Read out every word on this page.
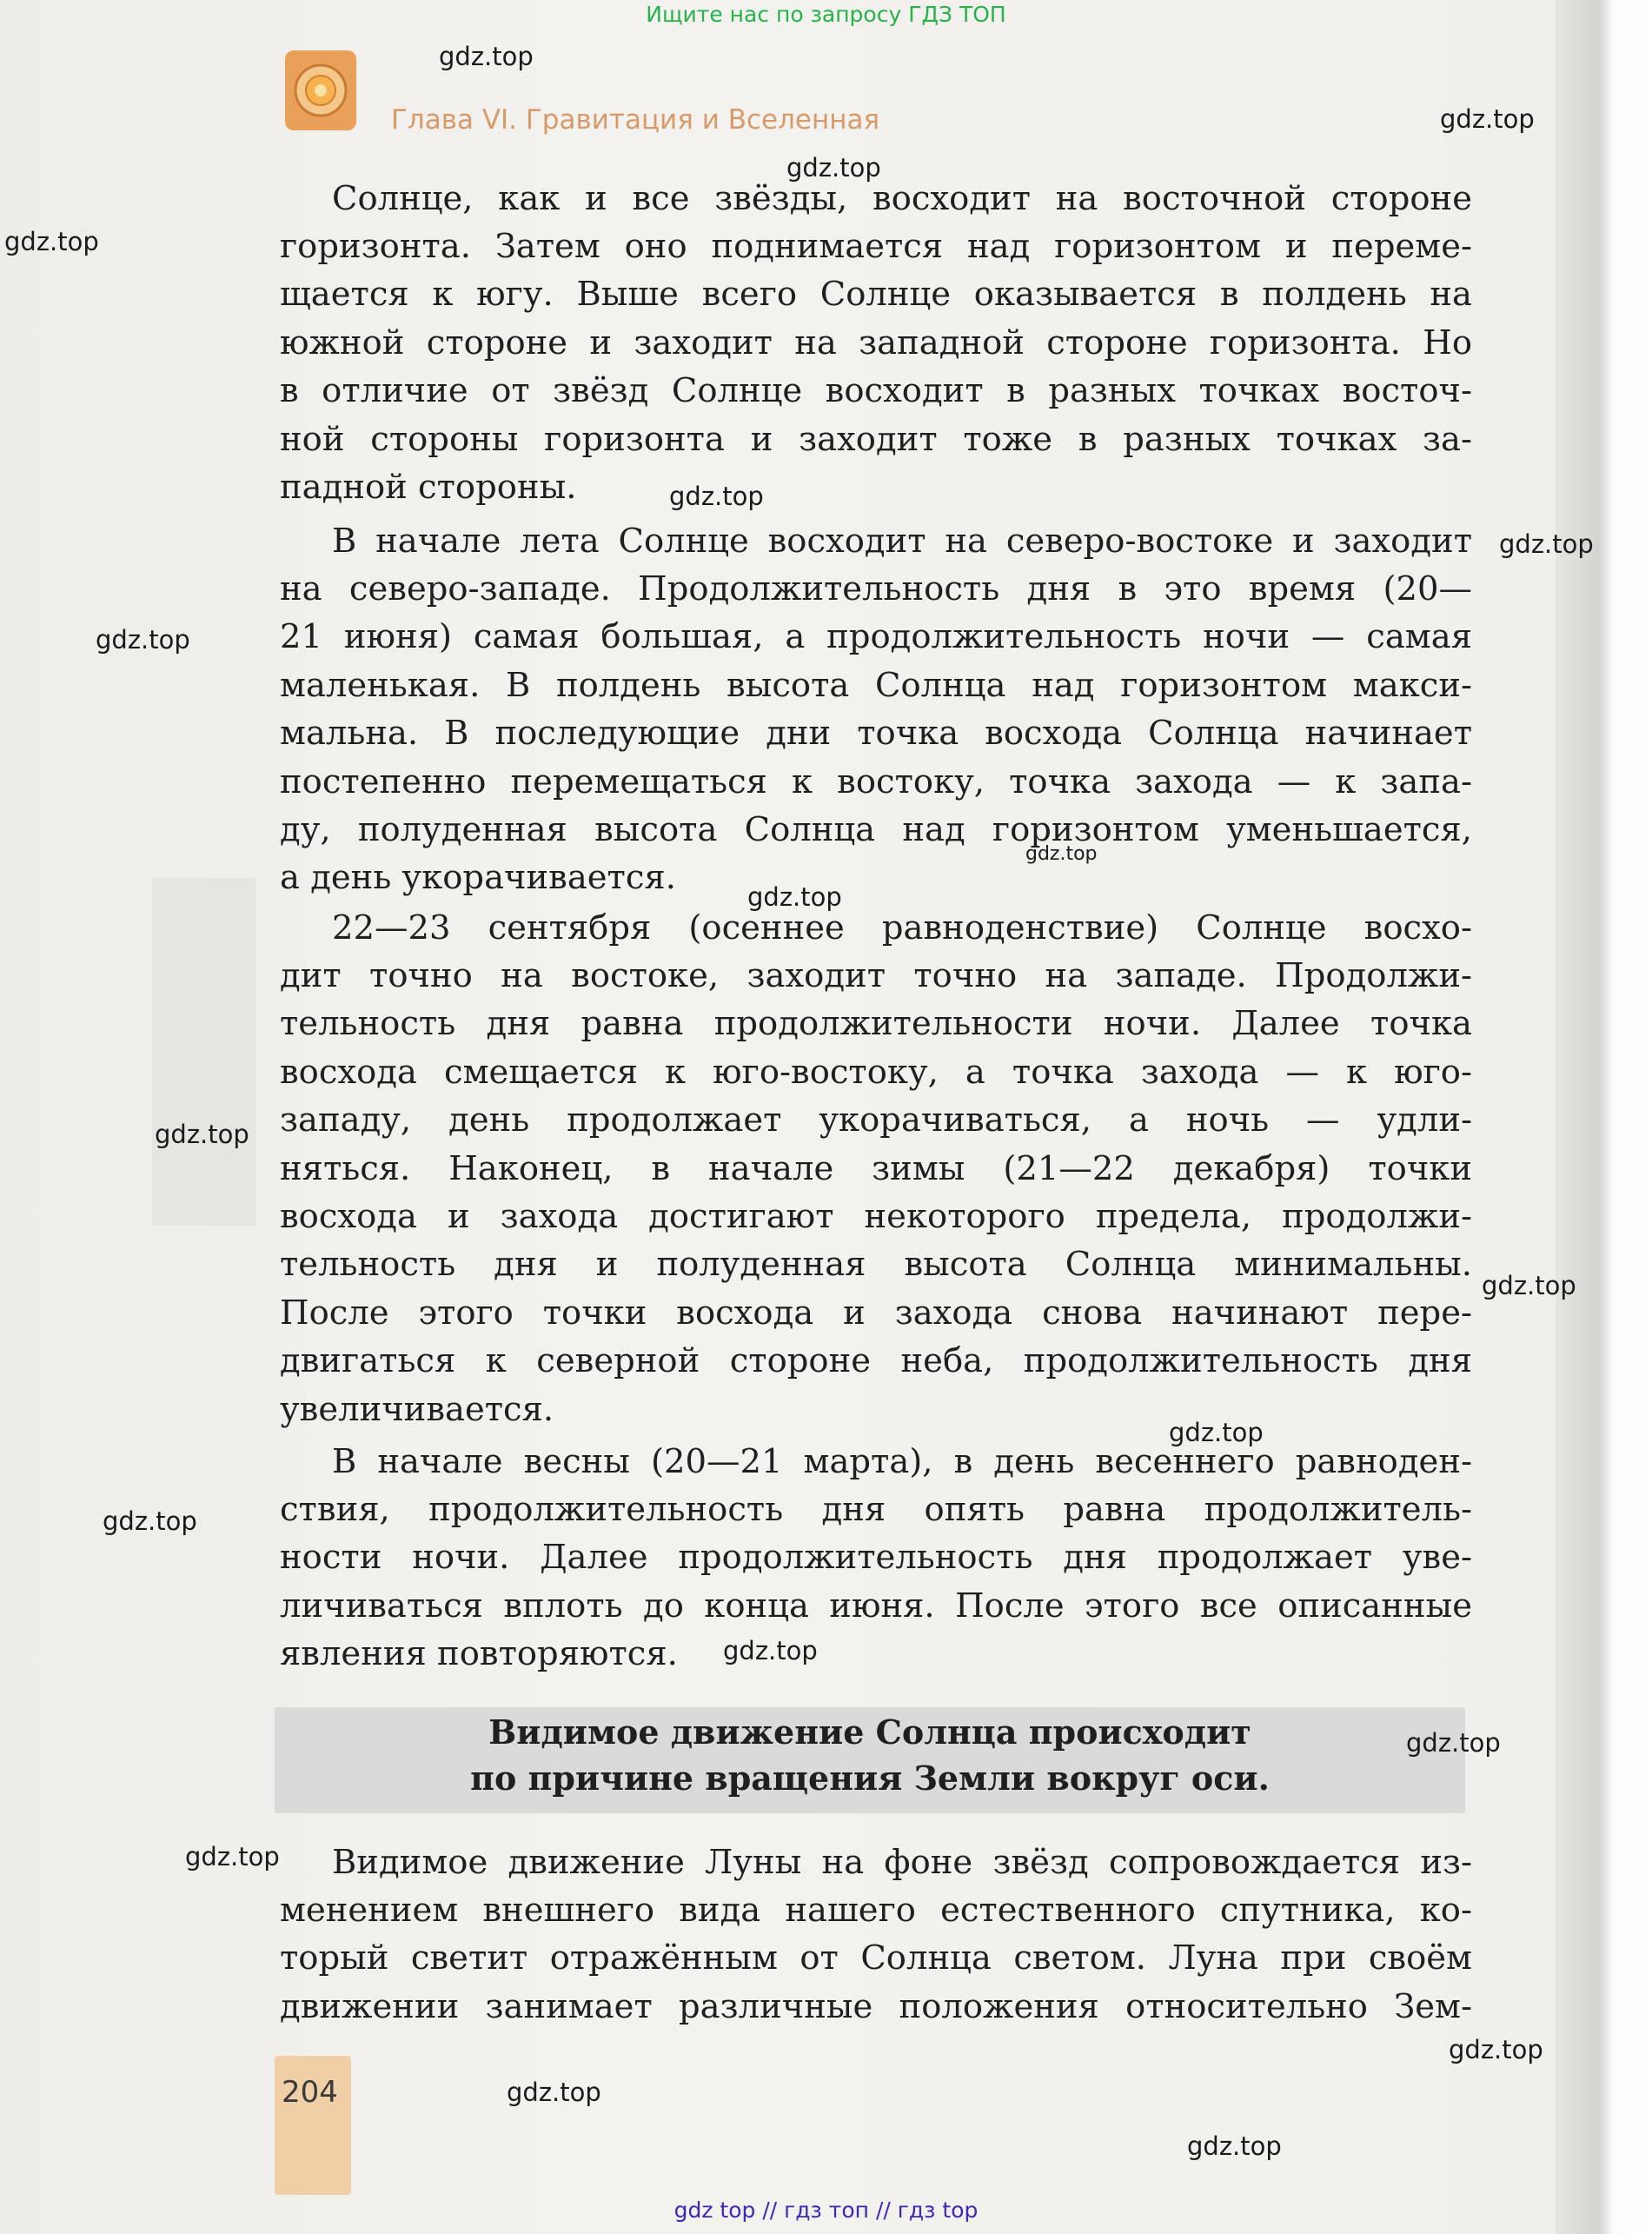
Ищите нас по запросу ГДЗ ТОП
Глава VI. Гравитация и Вселенная
Солнце, как и все звёзды, восходит на восточной стороне
горизонта. Затем оно поднимается над горизонтом и переме-
щается к югу. Выше всего Солнце оказывается в полдень на
южной стороне и заходит на западной стороне горизонта. Но
в отличие от звёзд Солнце восходит в разных точках восточ-
ной стороны горизонта и заходит тоже в разных точках за-
падной стороны.
В начале лета Солнце восходит на северо-востоке и заходит
на северо-западе. Продолжительность дня в это время (20—
21 июня) самая большая, а продолжительность ночи — самая
маленькая. В полдень высота Солнца над горизонтом макси-
мальна. В последующие дни точка восхода Солнца начинает
постепенно перемещаться к востоку, точка захода — к запа-
ду, полуденная высота Солнца над горизонтом уменьшается,
а день укорачивается.
22—23 сентября (осеннее равноденствие) Солнце восхо-
дит точно на востоке, заходит точно на западе. Продолжи-
тельность дня равна продолжительности ночи. Далее точка
восхода смещается к юго-востоку, а точка захода — к юго-
западу, день продолжает укорачиваться, а ночь — удли-
няться. Наконец, в начале зимы (21—22 декабря) точки
восхода и захода достигают некоторого предела, продолжи-
тельность дня и полуденная высота Солнца минимальны.
После этого точки восхода и захода снова начинают пере-
двигаться к северной стороне неба, продолжительность дня
увеличивается.
В начале весны (20—21 марта), в день весеннего равноден-
ствия, продолжительность дня опять равна продолжитель-
ности ночи. Далее продолжительность дня продолжает уве-
личиваться вплоть до конца июня. После этого все описанные
явления повторяются.
Видимое движение Солнца происходит
по причине вращения Земли вокруг оси.
Видимое движение Луны на фоне звёзд сопровождается из-
менением внешнего вида нашего естественного спутника, ко-
торый светит отражённым от Солнца светом. Луна при своём
движении занимает различные положения относительно Зем-
204
gdz.top
gdz.top
gdz.top
gdz.top
gdz.top
gdz.top
gdz.top
gdz.top
gdz.top
gdz.top
gdz.top
gdz.top
gdz.top
gdz.top
gdz.top
gdz.top
gdz.top
gdz.top
gdz.top
gdz top // гдз топ // гдз top
